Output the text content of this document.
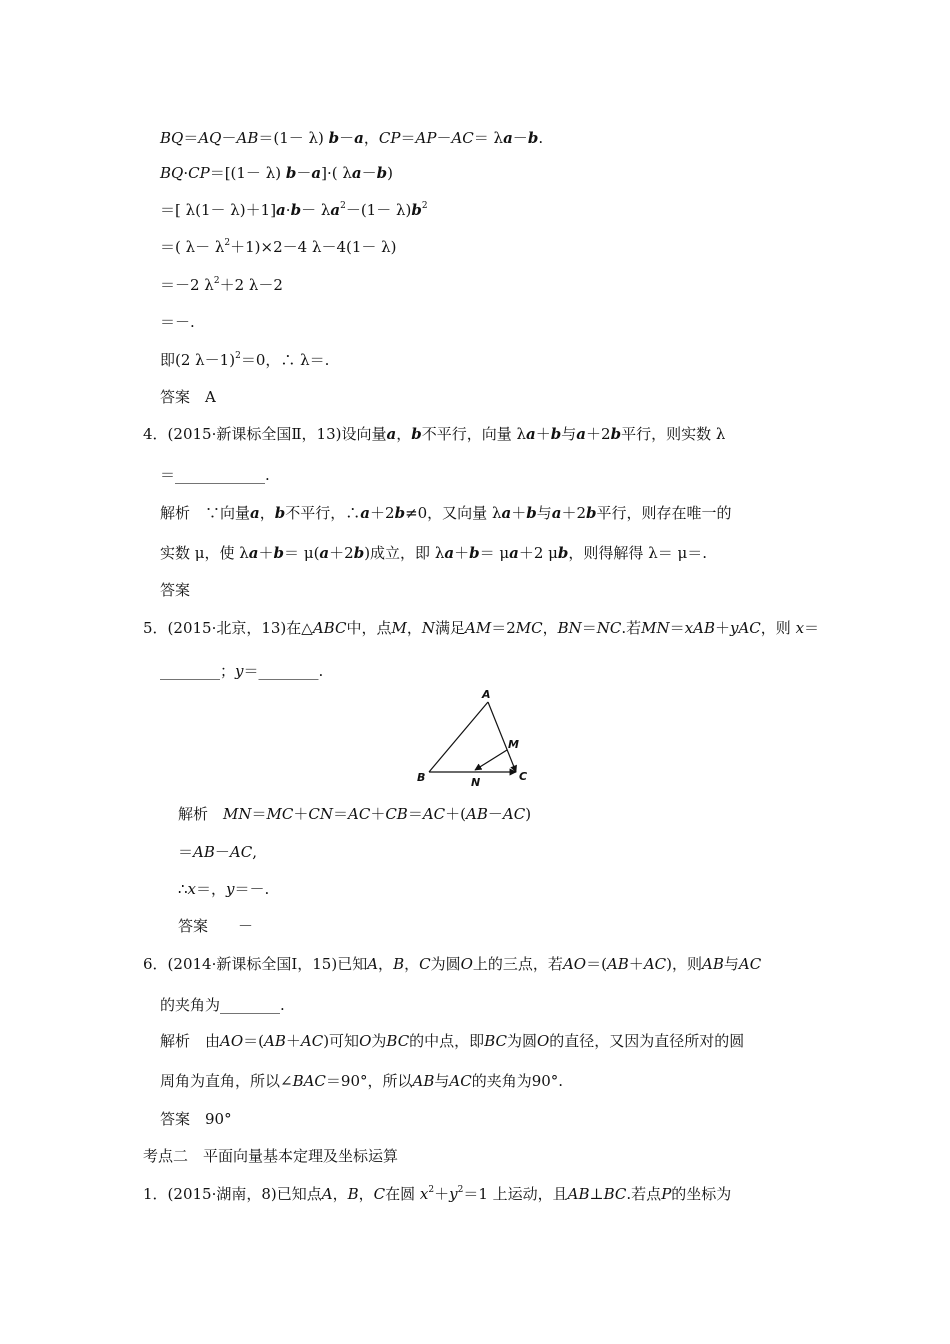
BQ＝AQ－AB＝(1－ λ) b－a，CP＝AP－AC＝ λa－b.
BQ·CP＝[(1－ λ) b－a]·( λa－b)
＝[ $\lambda(1- \lambda)+1]a\cdot b- \lambda a^2-(1- \lambda)b^2$
＝( $\lambda- \lambda^2+1)\times 2-4$ λ－4(1－ λ)
＝－2 $\lambda^2+2$ λ－2
＝－.
即(2 λ－1)$^2$＝0，∴ λ＝.
答案　A
4．(2015·新课标全国Ⅱ，13)设向量a，b不平行，向量 λa＋b与a＋2b平行，则实数 λ
＝____________.
解析　∵向量a，b不平行，∴a＋2b≠0，又向量 λa＋b与a＋2b平行，则存在唯一的
实数 μ，使 λa＋b＝ μ(a＋2b)成立，即 λa＋b＝ μa＋2 μb，则得解得 λ＝ μ＝.
答案
5．(2015·北京，13)在△ABC中，点M，N满足AM＝2MC，BN＝NC.若MN＝xAB＋yAC，则 x＝
________；y＝________.
A
B	C
M
N
解析　MN＝MC＋CN＝AC＋CB＝AC＋(AB－AC)
＝AB－AC,
∴x＝，y＝－.
答案　　－
6．(2014·新课标全国Ⅰ，15)已知A，B，C为圆O上的三点，若AO＝(AB＋AC)，则AB与AC
的夹角为________.
解析　由AO＝(AB＋AC)可知O为BC的中点，即BC为圆O的直径，又因为直径所对的圆
周角为直角，所以∠BAC＝90°，所以AB与AC的夹角为90°.
答案　90°
考点二　平面向量基本定理及坐标运算
1．(2015·湖南，8)已知点A，B，C在圆 $x^2+y^2=1$ 上运动，且AB⊥BC.若点P的坐标为
